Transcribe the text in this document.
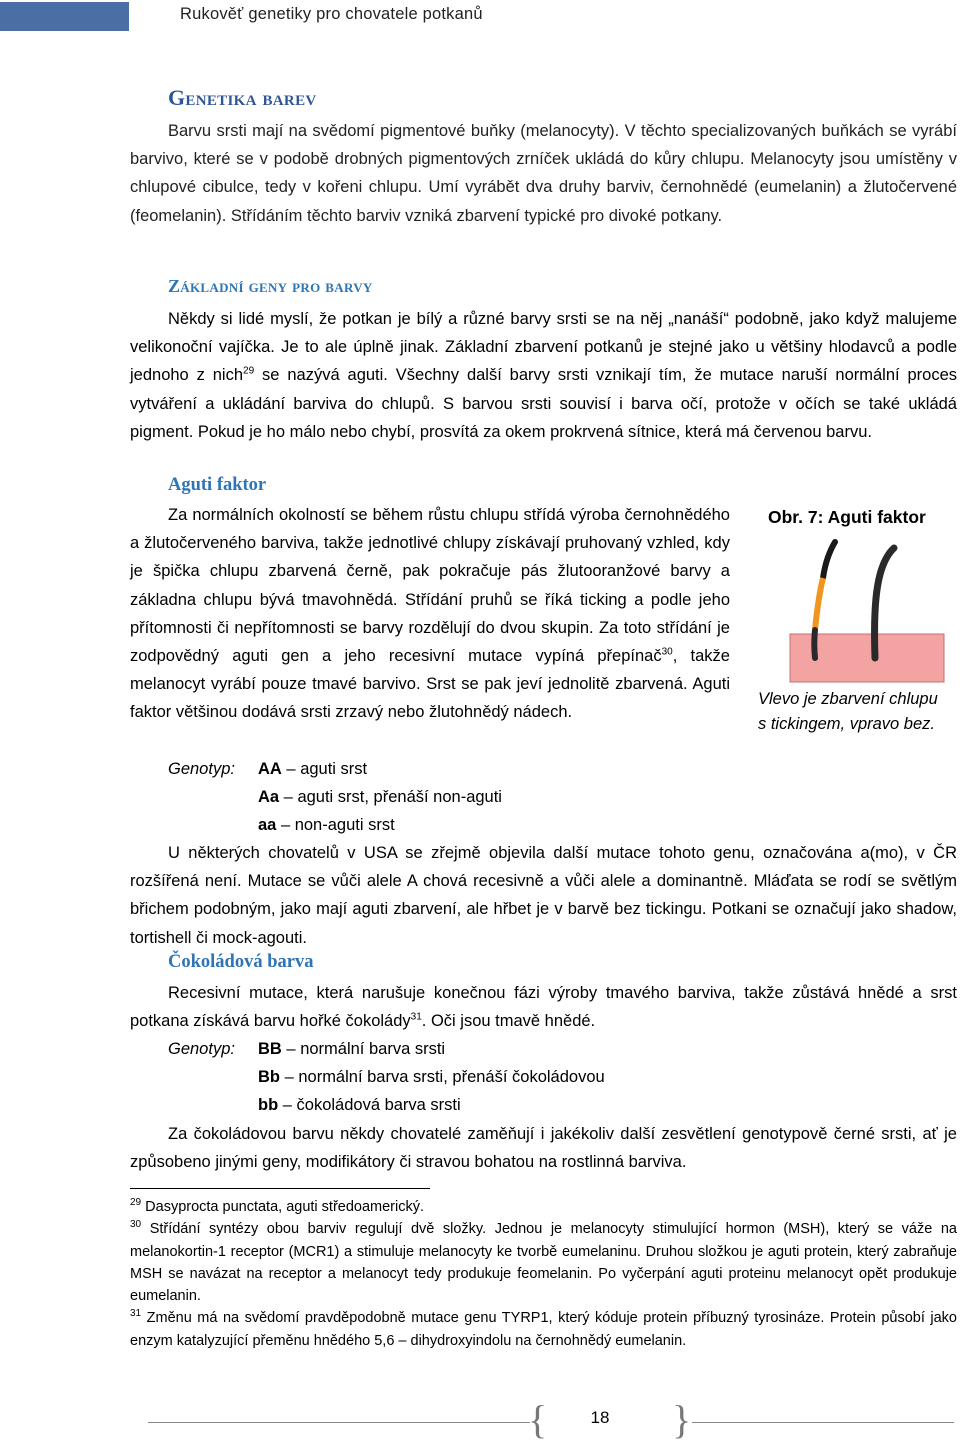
Rukověť genetiky pro chovatele potkanů
Genetika barev
Barvu srsti mají na svědomí pigmentové buňky (melanocyty). V těchto specializovaných buňkách se vyrábí barvivo, které se v podobě drobných pigmentových zrníček ukládá do kůry chlupu. Melanocyty jsou umístěny v chlupové cibulce, tedy v kořeni chlupu. Umí vyrábět dva druhy barviv, černohnědé (eumelanin) a žlutočervené (feomelanin). Střídáním těchto barviv vzniká zbarvení typické pro divoké potkany.
Základní geny pro barvy
Někdy si lidé myslí, že potkan je bílý a různé barvy srsti se na něj „nanáší“ podobně, jako když malujeme velikonoční vajíčka. Je to ale úplně jinak. Základní zbarvení potkanů je stejné jako u většiny hlodavců a podle jednoho z nich$^{29}$ se nazývá aguti. Všechny další barvy srsti vznikají tím, že mutace naruší normální proces vytváření a ukládání barviva do chlupů. S barvou srsti souvisí i barva očí, protože v očích se také ukládá pigment. Pokud je ho málo nebo chybí, prosvítá za okem prokrvená sítnice, která má červenou barvu.
Aguti faktor
Za normálních okolností se během růstu chlupu střídá výroba černohnědého a žlutočerveného barviva, takže jednotlivé chlupy získávají pruhovaný vzhled, kdy je špička chlupu zbarvená černě, pak pokračuje pás žlutooranžové barvy a základna chlupu bývá tmavohnědá. Střídání pruhů se říká ticking a podle jeho přítomnosti či nepřítomnosti se barvy rozdělují do dvou skupin. Za toto střídání je zodpovědný aguti gen a jeho recesivní mutace vypíná přepínač$^{30}$, takže melanocyt vyrábí pouze tmavé barvivo. Srst se pak jeví jednolitě zbarvená. Aguti faktor většinou dodává srsti zrzavý nebo žlutohnědý nádech.
Obr. 7: Aguti faktor
Vlevo je zbarvení chlupu
s tickingem, vpravo bez.
Genotyp: AA – aguti srst
Aa – aguti srst, přenáší non-aguti
aa – non-aguti srst
U některých chovatelů v USA se zřejmě objevila další mutace tohoto genu, označována a(mo), v ČR rozšířená není. Mutace se vůči alele A chová recesivně a vůči alele a dominantně. Mláďata se rodí se světlým břichem podobným, jako mají aguti zbarvení, ale hřbet je v barvě bez tickingu. Potkani se označují jako shadow, tortishell či mock-agouti.
Čokoládová barva
Recesivní mutace, která narušuje konečnou fázi výroby tmavého barviva, takže zůstává hnědé a srst potkana získává barvu hořké čokolády$^{31}$. Oči jsou tmavě hnědé.
Genotyp: BB – normální barva srsti
Bb – normální barva srsti, přenáší čokoládovou
bb – čokoládová barva srsti
Za čokoládovou barvu někdy chovatelé zaměňují i jakékoliv další zesvětlení genotypově černé srsti, ať je způsobeno jinými geny, modifikátory či stravou bohatou na rostlinná barviva.
$^{29}$ Dasyprocta punctata, aguti středoamerický.
$^{30}$ Střídání syntézy obou barviv regulují dvě složky. Jednou je melanocyty stimulující hormon (MSH), který se váže na melanokortin-1 receptor (MCR1) a stimuluje melanocyty ke tvorbě eumelaninu. Druhou složkou je aguti protein, který zabraňuje MSH se navázat na receptor a melanocyt tedy produkuje feomelanin. Po vyčerpání aguti proteinu melanocyt opět produkuje eumelanin.
$^{31}$ Změnu má na svědomí pravděpodobně mutace genu TYRP1, který kóduje protein příbuzný tyrosináze. Protein působí jako enzym katalyzující přeměnu hnědého 5,6 – dihydroxyindolu na černohnědý eumelanin.
{	18	}
